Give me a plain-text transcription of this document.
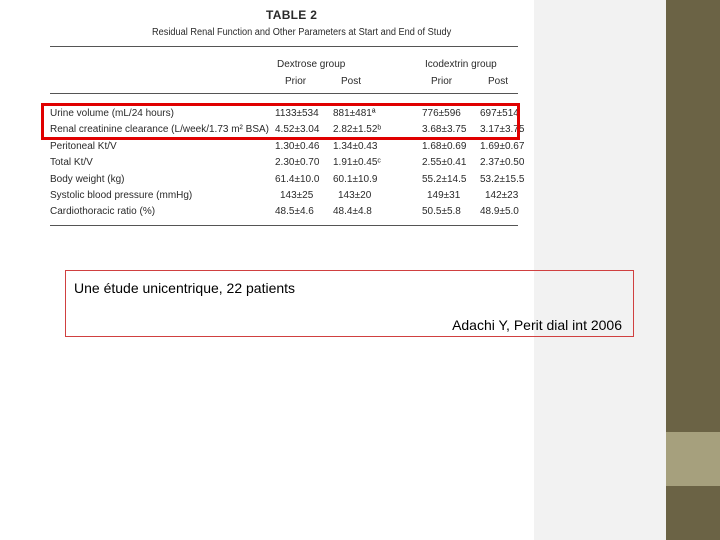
TABLE 2
Residual Renal Function and Other Parameters at Start and End of Study
Dextrose group	Icodextrin group
Prior	Post	Prior	Post
Urine volume (mL/24 hours)	1133±534 881±481ª	776±596 697±514
Renal creatinine clearance (L/week/1.73 m² BSA) 4.52±3.04 2.82±1.52ᵇ	3.68±3.75 3.17±3.75
Peritoneal Kt/V	1.30±0.46 1.34±0.43	1.68±0.69 1.69±0.67
Total Kt/V	2.30±0.70 1.91±0.45ᶜ	2.55±0.41 2.37±0.50
Body weight (kg)	61.4±10.0 60.1±10.9	55.2±14.5 53.2±15.5
Systolic blood pressure (mmHg)	143±25 143±20	149±31 142±23
Cardiothoracic ratio (%)	48.5±4.6 48.4±4.8	50.5±5.8 48.9±5.0
Une étude unicentrique, 22 patients
Adachi Y, Perit dial int 2006
